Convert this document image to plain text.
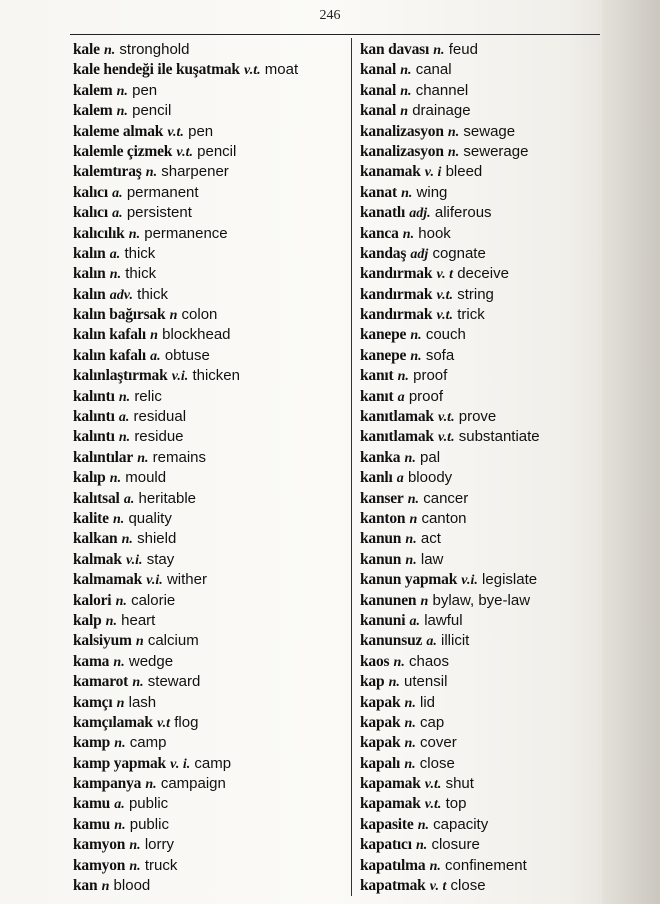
246
kale n. stronghold
kale hendeği ile kuşatmak v.t. moat
kalem n. pen
kalem n. pencil
kaleme almak v.t. pen
kalemle çizmek v.t. pencil
kalemtıraş n. sharpener
kalıcı a. permanent
kalıcı a. persistent
kalıcılık n. permanence
kalın a. thick
kalın n. thick
kalın adv. thick
kalın bağırsak n colon
kalın kafalı n blockhead
kalın kafalı a. obtuse
kalınlaştırmak v.i. thicken
kalıntı n. relic
kalıntı a. residual
kalıntı n. residue
kalıntılar n. remains
kalıp n. mould
kalıtsal a. heritable
kalite n. quality
kalkan n. shield
kalmak v.i. stay
kalmamak v.i. wither
kalori n. calorie
kalp n. heart
kalsiyum n calcium
kama n. wedge
kamarot n. steward
kamçı n lash
kamçılamak v.t flog
kamp n. camp
kamp yapmak v. i. camp
kampanya n. campaign
kamu a. public
kamu n. public
kamyon n. lorry
kamyon n. truck
kan n blood
kan davası n. feud
kanal n. canal
kanal n. channel
kanal n drainage
kanalizasyon n. sewage
kanalizasyon n. sewerage
kanamak v. i bleed
kanat n. wing
kanatlı adj. aliferous
kanca n. hook
kandaş adj cognate
kandırmak v. t deceive
kandırmak v.t. string
kandırmak v.t. trick
kanepe n. couch
kanepe n. sofa
kanıt n. proof
kanıt a proof
kanıtlamak v.t. prove
kanıtlamak v.t. substantiate
kanka n. pal
kanlı a bloody
kanser n. cancer
kanton n canton
kanun n. act
kanun n. law
kanun yapmak v.i. legislate
kanunen n bylaw, bye-law
kanuni a. lawful
kanunsuz a. illicit
kaos n. chaos
kap n. utensil
kapak n. lid
kapak n. cap
kapak n. cover
kapalı n. close
kapamak v.t. shut
kapamak v.t. top
kapasite n. capacity
kapatıcı n. closure
kapatılma n. confinement
kapatmak v. t close
